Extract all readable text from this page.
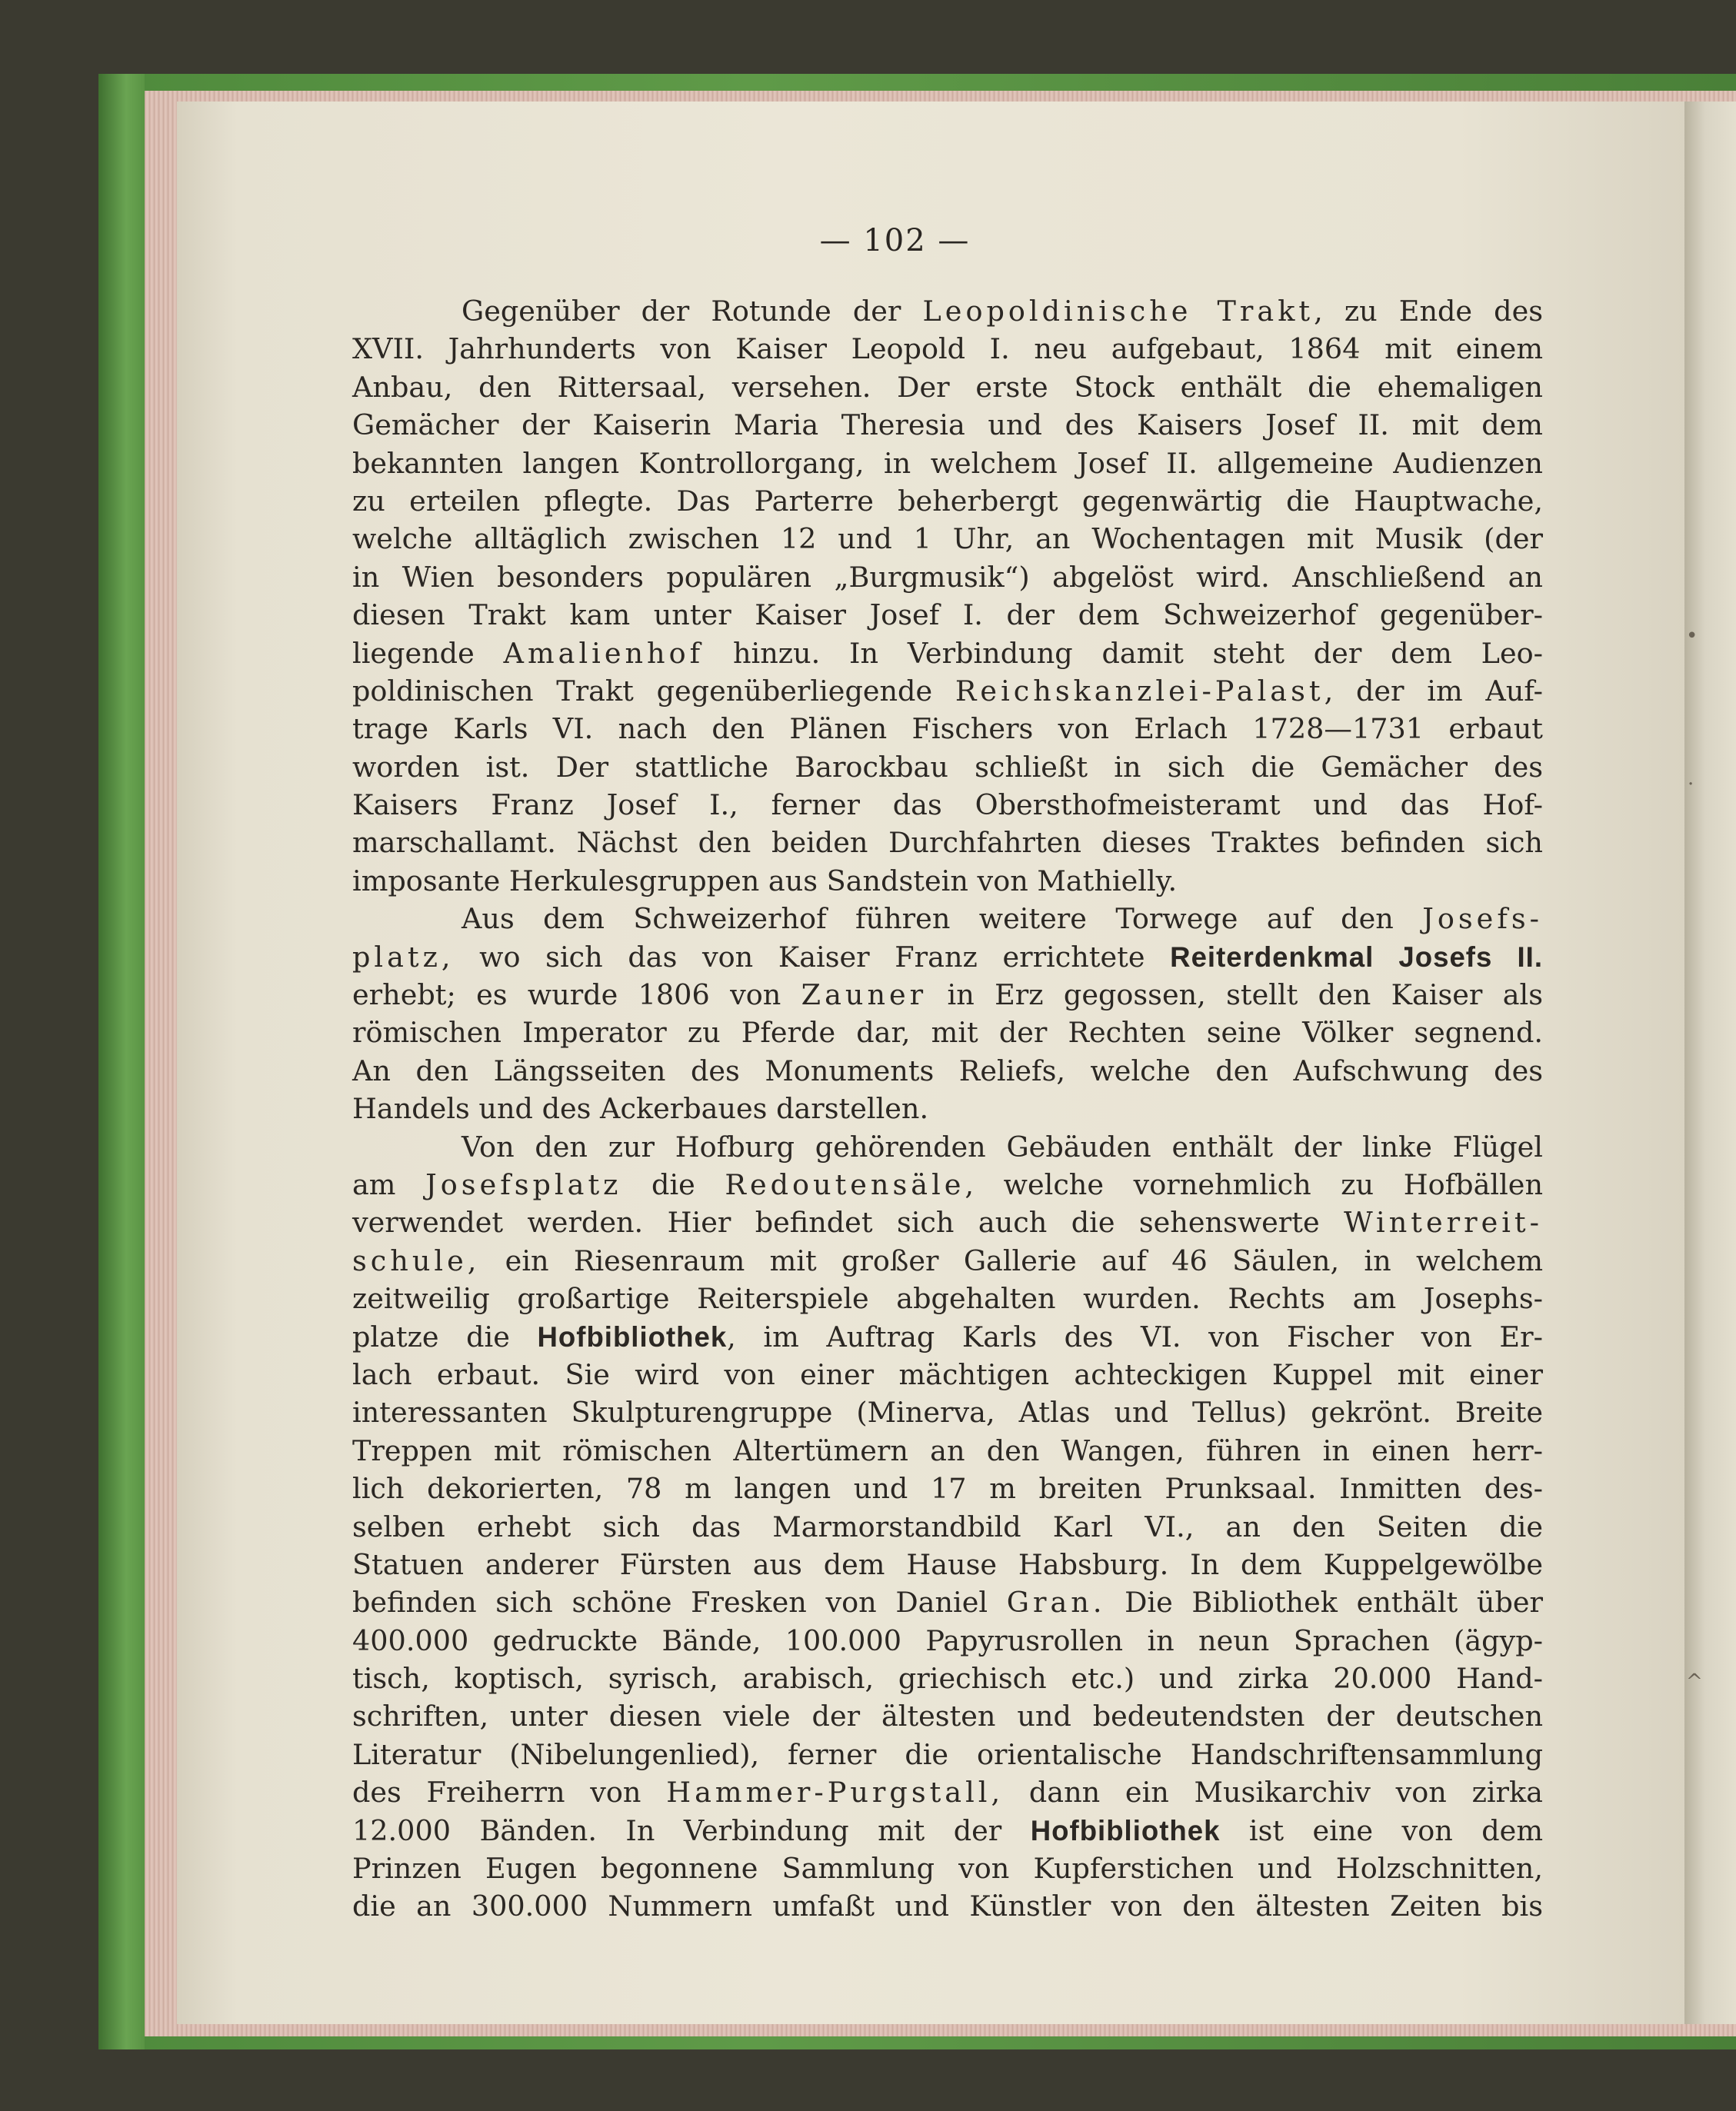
— 102 —
Gegenüber der Rotunde der Leopoldinische Trakt, zu Ende des
XVII. Jahrhunderts von Kaiser Leopold I. neu aufgebaut, 1864 mit einem
Anbau, den Rittersaal, versehen. Der erste Stock enthält die ehemaligen
Gemächer der Kaiserin Maria Theresia und des Kaisers Josef II. mit dem
bekannten langen Kontrollorgang, in welchem Josef II. allgemeine Audienzen
zu erteilen pflegte. Das Parterre beherbergt gegenwärtig die Hauptwache,
welche alltäglich zwischen 12 und 1 Uhr, an Wochentagen mit Musik (der
in Wien besonders populären „Burgmusik“) abgelöst wird. Anschließend an
diesen Trakt kam unter Kaiser Josef I. der dem Schweizerhof gegenüber-
liegende Amalienhof hinzu. In Verbindung damit steht der dem Leo-
poldinischen Trakt gegenüberliegende Reichskanzlei-Palast, der im Auf-
trage Karls VI. nach den Plänen Fischers von Erlach 1728—1731 erbaut
worden ist. Der stattliche Barockbau schließt in sich die Gemächer des
Kaisers Franz Josef I., ferner das Obersthofmeisteramt und das Hof-
marschallamt. Nächst den beiden Durchfahrten dieses Traktes befinden sich
imposante Herkulesgruppen aus Sandstein von Mathielly.
Aus dem Schweizerhof führen weitere Torwege auf den Josefs-
platz, wo sich das von Kaiser Franz errichtete Reiterdenkmal Josefs II.
erhebt; es wurde 1806 von Zauner in Erz gegossen, stellt den Kaiser als
römischen Imperator zu Pferde dar, mit der Rechten seine Völker segnend.
An den Längsseiten des Monuments Reliefs, welche den Aufschwung des
Handels und des Ackerbaues darstellen.
Von den zur Hofburg gehörenden Gebäuden enthält der linke Flügel
am Josefsplatz die Redoutensäle, welche vornehmlich zu Hofbällen
verwendet werden. Hier befindet sich auch die sehenswerte Winterreit-
schule, ein Riesenraum mit großer Gallerie auf 46 Säulen, in welchem
zeitweilig großartige Reiterspiele abgehalten wurden. Rechts am Josephs-
platze die Hofbibliothek, im Auftrag Karls des VI. von Fischer von Er-
lach erbaut. Sie wird von einer mächtigen achteckigen Kuppel mit einer
interessanten Skulpturengruppe (Minerva, Atlas und Tellus) gekrönt. Breite
Treppen mit römischen Altertümern an den Wangen, führen in einen herr-
lich dekorierten, 78 m langen und 17 m breiten Prunksaal. Inmitten des-
selben erhebt sich das Marmorstandbild Karl VI., an den Seiten die
Statuen anderer Fürsten aus dem Hause Habsburg. In dem Kuppelgewölbe
befinden sich schöne Fresken von Daniel Gran. Die Bibliothek enthält über
400.000 gedruckte Bände, 100.000 Papyrusrollen in neun Sprachen (ägyp-
tisch, koptisch, syrisch, arabisch, griechisch etc.) und zirka 20.000 Hand-
schriften, unter diesen viele der ältesten und bedeutendsten der deutschen
Literatur (Nibelungenlied), ferner die orientalische Handschriftensammlung
des Freiherrn von Hammer-Purgstall, dann ein Musikarchiv von zirka
12.000 Bänden. In Verbindung mit der Hofbibliothek ist eine von dem
Prinzen Eugen begonnene Sammlung von Kupferstichen und Holzschnitten,
die an 300.000 Nummern umfaßt und Künstler von den ältesten Zeiten bis
•
·
^
